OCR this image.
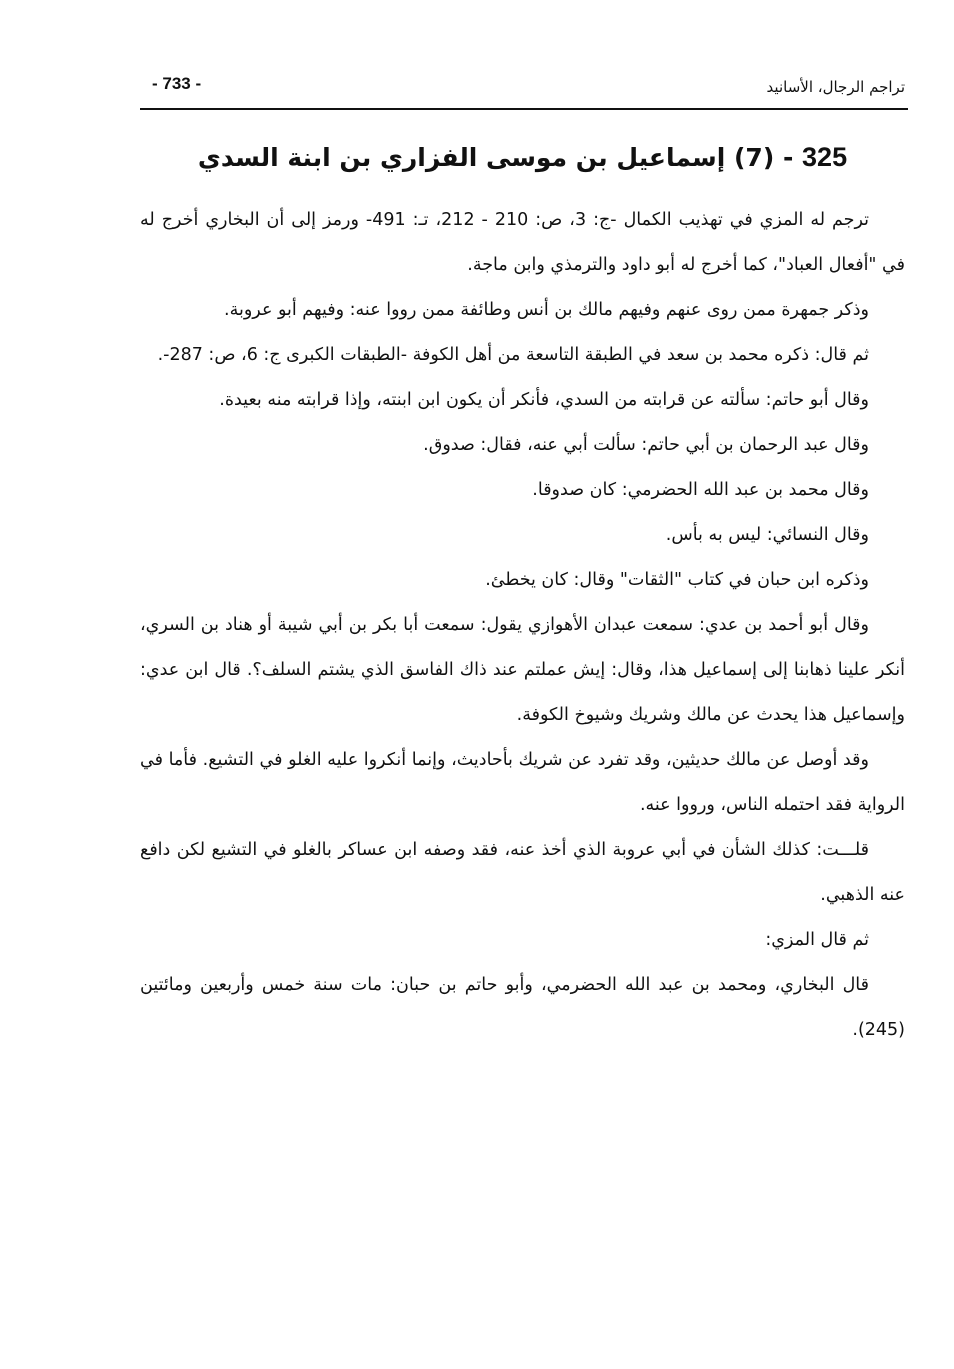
تراجم الرجال، الأسانيد
- 733 -
325 - (7) إسماعيل بن موسى الفزاري بن ابنة السدي

ترجم له المزي في تهذيب الكمال -ج: 3، ص: 210 - 212، تـ: 491- ورمز إلى أن البخاري أخرج له في "أفعال العباد"، كما أخرج له أبو داود والترمذي وابن ماجة.

وذكر جمهرة ممن روى عنهم وفيهم مالك بن أنس وطائفة ممن رووا عنه: وفيهم أبو عروبة.

ثم قال: ذكره محمد بن سعد في الطبقة التاسعة من أهل الكوفة -الطبقات الكبرى ج: 6، ص: 287-.

وقال أبو حاتم: سألته عن قرابته من السدي، فأنكر أن يكون ابن ابنته، وإذا قرابته منه بعيدة.

وقال عبد الرحمان بن أبي حاتم: سألت أبي عنه، فقال: صدوق.

وقال محمد بن عبد الله الحضرمي: كان صدوقا.

وقال النسائي: ليس به بأس.

وذكره ابن حبان في كتاب "الثقات" وقال: كان يخطئ.

وقال أبو أحمد بن عدي: سمعت عبدان الأهوازي يقول: سمعت أبا بكر بن أبي شيبة أو هناد بن السري، أنكر علينا ذهابنا إلى إسماعيل هذا، وقال: إيش عملتم عند ذاك الفاسق الذي يشتم السلف؟. قال ابن عدي: وإسماعيل هذا يحدث عن مالك وشريك وشيوخ الكوفة.

وقد أوصل عن مالك حديثين، وقد تفرد عن شريك بأحاديث، وإنما أنكروا عليه الغلو في التشيع. فأما في الرواية فقد احتمله الناس، ورووا عنه.

قلـــت: كذلك الشأن في أبي عروبة الذي أخذ عنه، فقد وصفه ابن عساكر بالغلو في التشيع لكن دافع عنه الذهبي.

ثم قال المزي:

قال البخاري، ومحمد بن عبد الله الحضرمي، وأبو حاتم بن حبان: مات سنة خمس وأربعين ومائتين (245).
